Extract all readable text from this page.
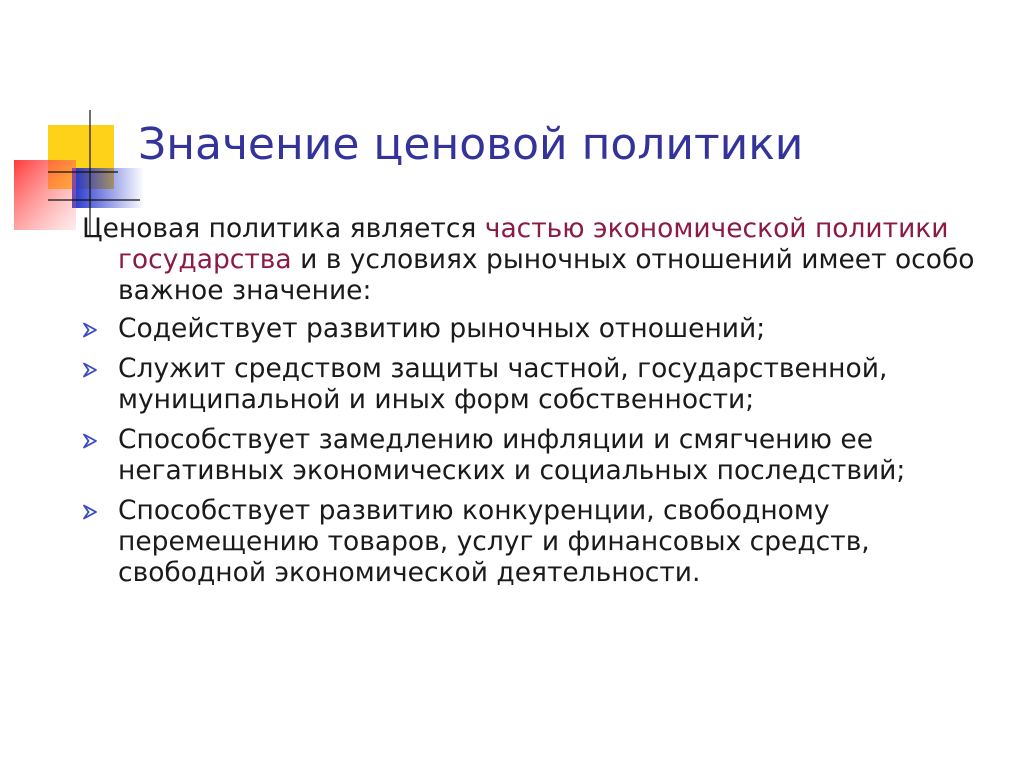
Значение ценовой политики

Ценовая политика является частью экономической политики государства и в условиях рыночных отношений имеет особо важное значение:

Содействует развитию рыночных отношений;
Служит средством защиты частной, государственной, муниципальной и иных форм собственности;
Способствует замедлению инфляции и смягчению ее негативных экономических и социальных последствий;
Способствует развитию конкуренции, свободному перемещению товаров, услуг и финансовых средств, свободной экономической деятельности.
